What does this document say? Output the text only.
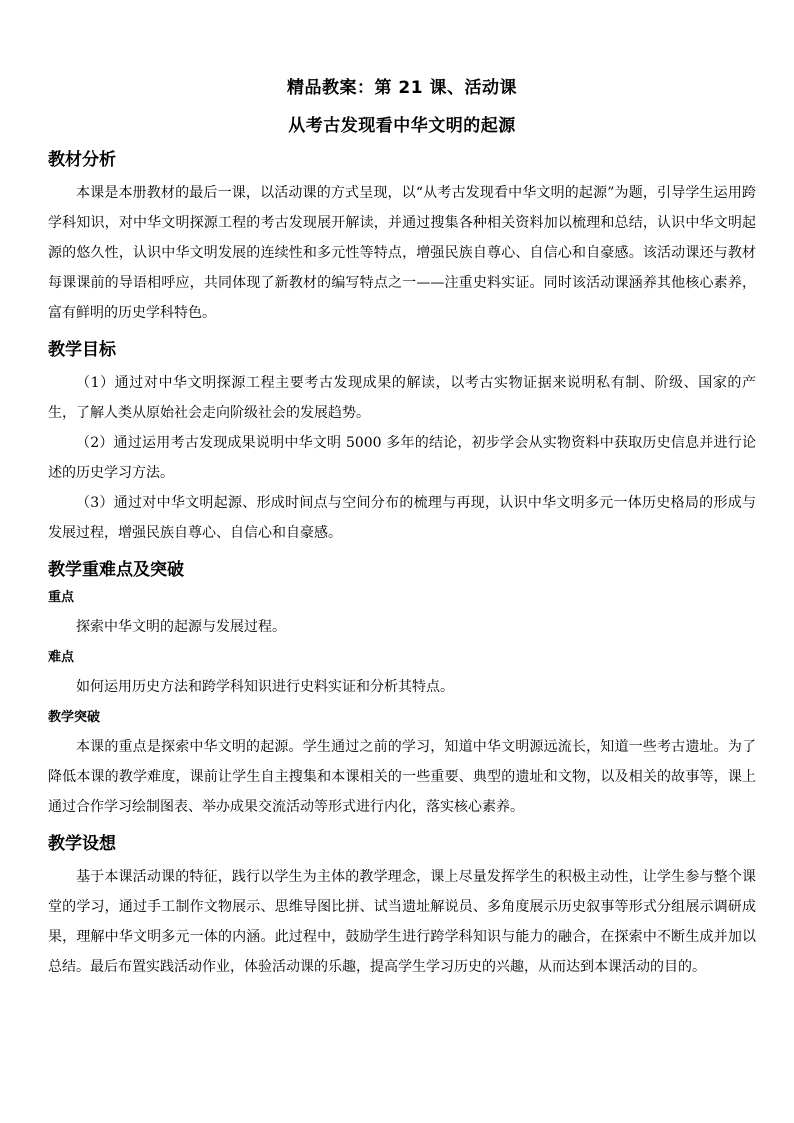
精品教案：第 21 课、活动课
从考古发现看中华文明的起源
教材分析

本课是本册教材的最后一课，以活动课的方式呈现，以“从考古发现看中华文明的起源”为题，引导学生运用跨学科知识，对中华文明探源工程的考古发现展开解读，并通过搜集各种相关资料加以梳理和总结，认识中华文明起源的悠久性，认识中华文明发展的连续性和多元性等特点，增强民族自尊心、自信心和自豪感。该活动课还与教材每课课前的导语相呼应，共同体现了新教材的编写特点之一——注重史料实证。同时该活动课涵养其他核心素养，富有鲜明的历史学科特色。

教学目标

（1）通过对中华文明探源工程主要考古发现成果的解读，以考古实物证据来说明私有制、阶级、国家的产生，了解人类从原始社会走向阶级社会的发展趋势。

（2）通过运用考古发现成果说明中华文明 5000 多年的结论，初步学会从实物资料中获取历史信息并进行论述的历史学习方法。

（3）通过对中华文明起源、形成时间点与空间分布的梳理与再现，认识中华文明多元一体历史格局的形成与发展过程，增强民族自尊心、自信心和自豪感。

教学重难点及突破
重点

探索中华文明的起源与发展过程。

难点

如何运用历史方法和跨学科知识进行史料实证和分析其特点。

教学突破

本课的重点是探索中华文明的起源。学生通过之前的学习，知道中华文明源远流长，知道一些考古遗址。为了降低本课的教学难度，课前让学生自主搜集和本课相关的一些重要、典型的遗址和文物，以及相关的故事等，课上通过合作学习绘制图表、举办成果交流活动等形式进行内化，落实核心素养。

教学设想

基于本课活动课的特征，践行以学生为主体的教学理念，课上尽量发挥学生的积极主动性，让学生参与整个课堂的学习，通过手工制作文物展示、思维导图比拼、试当遗址解说员、多角度展示历史叙事等形式分组展示调研成果，理解中华文明多元一体的内涵。此过程中，鼓励学生进行跨学科知识与能力的融合，在探索中不断生成并加以总结。最后布置实践活动作业，体验活动课的乐趣，提高学生学习历史的兴趣，从而达到本课活动的目的。
